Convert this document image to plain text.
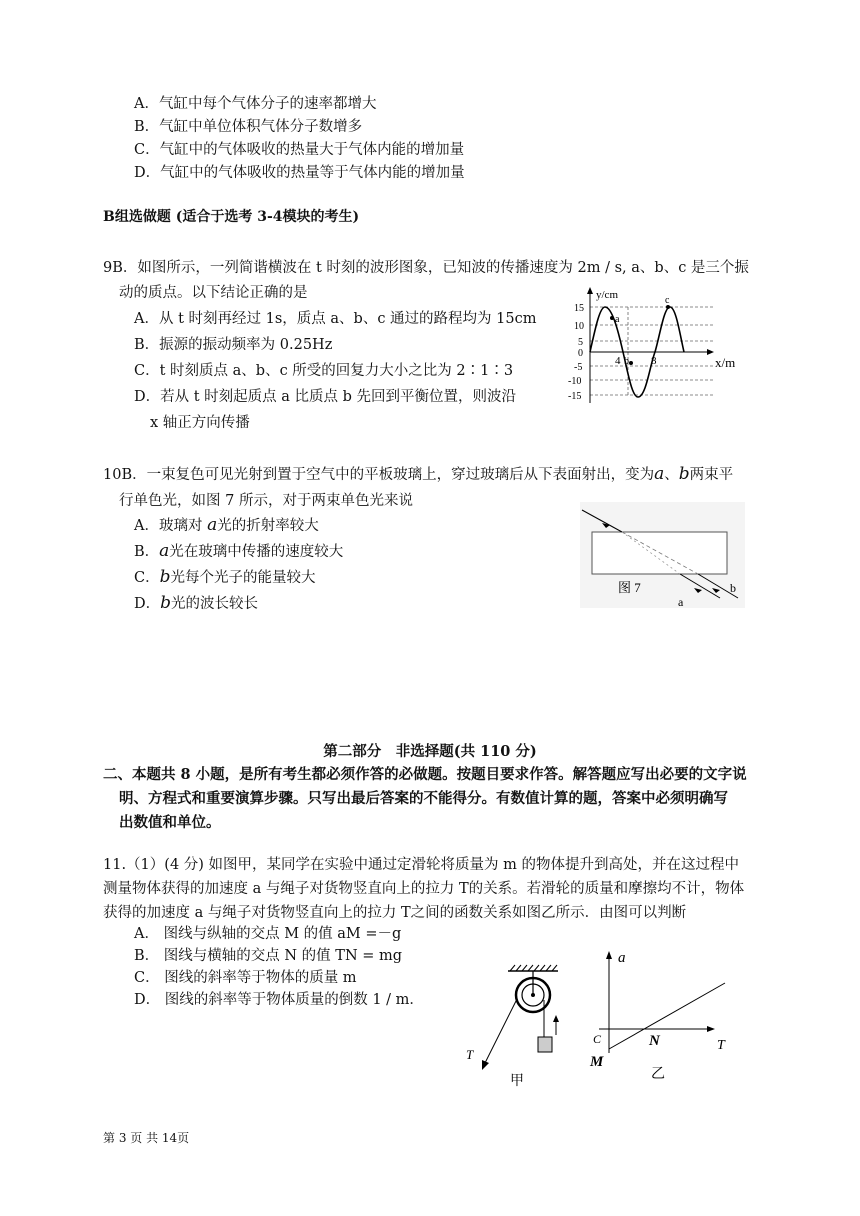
A．气缸中每个气体分子的速率都增大
B．气缸中单位体积气体分子数增多
C．气缸中的气体吸收的热量大于气体内能的增加量
D．气缸中的气体吸收的热量等于气体内能的增加量
B组选做题 (适合于选考 3-4模块的考生)
9B．如图所示，一列简谐横波在 t 时刻的波形图象，已知波的传播速度为 2m / s, a、b、c 是三个振
动的质点。以下结论正确的是
A．从 t 时刻再经过 1s，质点 a、b、c 通过的路程均为 15cm
B．振源的振动频率为 0.25Hz
C．t 时刻质点 a、b、c 所受的回复力大小之比为 2∶1∶3
D．若从 t 时刻起质点 a 比质点 b 先回到平衡位置，则波沿
x 轴正方向传播
y/cm
x/m
15
10
5
0
-5
-10
-15
4	8
a
b
c
10B．一束复色可见光射到置于空气中的平板玻璃上，穿过玻璃后从下表面射出，变为a、b两束平
行单色光，如图 7 所示，对于两束单色光来说
A．玻璃对 a光的折射率较大
B．a光在玻璃中传播的速度较大
C．b光每个光子的能量较大
D．b光的波长较长
图 7
a
b
第二部分　非选择题(共 110 分)
二、本题共 8 小题，是所有考生都必须作答的必做题。按题目要求作答。解答题应写出必要的文字说
明、方程式和重要演算步骤。只写出最后答案的不能得分。有数值计算的题，答案中必须明确写
出数值和单位。
11.（1）(4 分) 如图甲，某同学在实验中通过定滑轮将质量为 m 的物体提升到高处，并在这过程中
测量物体获得的加速度 a 与绳子对货物竖直向上的拉力 T的关系。若滑轮的质量和摩擦均不计，物体
获得的加速度 a 与绳子对货物竖直向上的拉力 T之间的函数关系如图乙所示．由图可以判断
A． 图线与纵轴的交点 M 的值 aM =－g
B． 图线与横轴的交点 N 的值 TN = mg
C． 图线的斜率等于物体的质量 m
D． 图线的斜率等于物体质量的倒数 1 / m．
T
甲
a
T
C
M
N
乙
第 3 页 共 14页
